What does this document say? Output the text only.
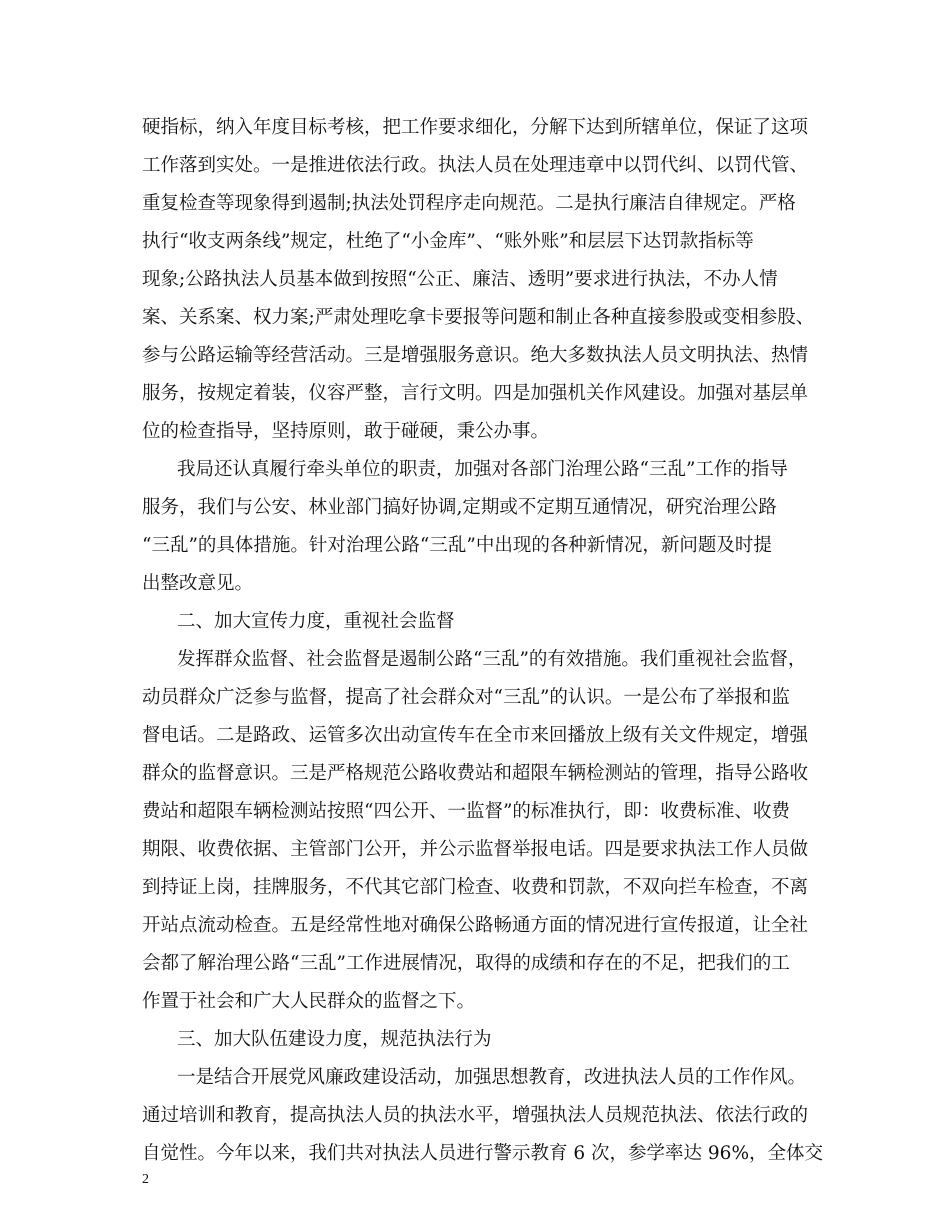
硬指标，纳入年度目标考核，把工作要求细化，分解下达到所辖单位，保证了这项
工作落到实处。一是推进依法行政。执法人员在处理违章中以罚代纠、以罚代管、
重复检查等现象得到遏制;执法处罚程序走向规范。二是执行廉洁自律规定。严格
执行“收支两条线”规定，杜绝了“小金库”、“账外账”和层层下达罚款指标等
现象;公路执法人员基本做到按照“公正、廉洁、透明”要求进行执法，不办人情
案、关系案、权力案;严肃处理吃拿卡要报等问题和制止各种直接参股或变相参股、
参与公路运输等经营活动。三是增强服务意识。绝大多数执法人员文明执法、热情
服务，按规定着装，仪容严整，言行文明。四是加强机关作风建设。加强对基层单
位的检查指导，坚持原则，敢于碰硬，秉公办事。
我局还认真履行牵头单位的职责，加强对各部门治理公路“三乱”工作的指导
服务，我们与公安、林业部门搞好协调,定期或不定期互通情况，研究治理公路
“三乱”的具体措施。针对治理公路“三乱”中出现的各种新情况，新问题及时提
出整改意见。
二、加大宣传力度，重视社会监督
发挥群众监督、社会监督是遏制公路“三乱”的有效措施。我们重视社会监督，
动员群众广泛参与监督，提高了社会群众对“三乱”的认识。一是公布了举报和监
督电话。二是路政、运管多次出动宣传车在全市来回播放上级有关文件规定，增强
群众的监督意识。三是严格规范公路收费站和超限车辆检测站的管理，指导公路收
费站和超限车辆检测站按照“四公开、一监督”的标准执行，即：收费标准、收费
期限、收费依据、主管部门公开，并公示监督举报电话。四是要求执法工作人员做
到持证上岗，挂牌服务，不代其它部门检查、收费和罚款，不双向拦车检查，不离
开站点流动检查。五是经常性地对确保公路畅通方面的情况进行宣传报道，让全社
会都了解治理公路“三乱”工作进展情况，取得的成绩和存在的不足，把我们的工
作置于社会和广大人民群众的监督之下。
三、加大队伍建设力度，规范执法行为
一是结合开展党风廉政建设活动，加强思想教育，改进执法人员的工作作风。
通过培训和教育，提高执法人员的执法水平，增强执法人员规范执法、依法行政的
自觉性。今年以来，我们共对执法人员进行警示教育 6 次，参学率达 96%，全体交
2
